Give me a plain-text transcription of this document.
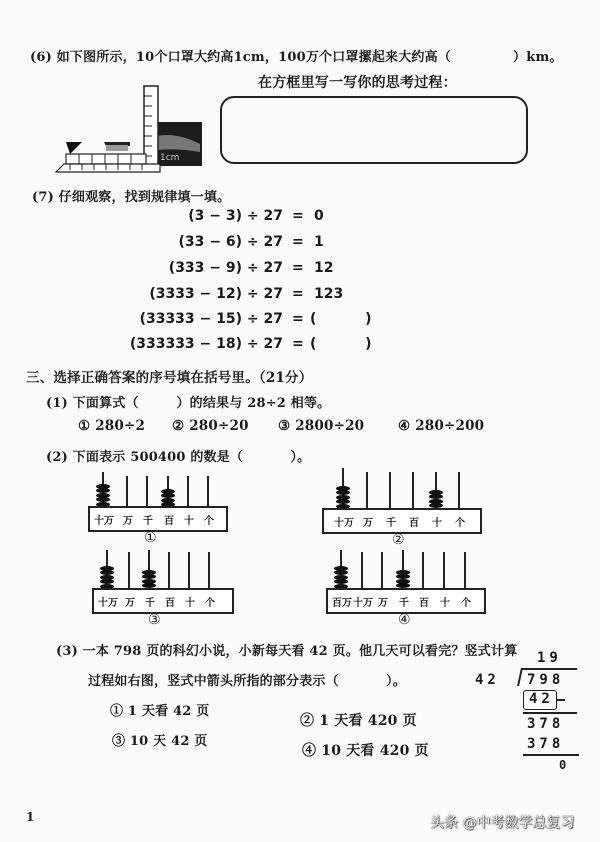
(6) 如下图所示，10个口罩大约高1cm，100万个口罩摞起来大约高（	）km。
在方框里写一写你的思考过程：
1cm
(7) 仔细观察，找到规律填一填。
(3 − 3) ÷ 27 = 0
(33 − 6) ÷ 27 = 1
(333 − 9) ÷ 27 = 12
(3333 − 12) ÷ 27 = 123
(33333 − 15) ÷ 27 = (          )
(333333 − 18) ÷ 27 = (          )
三、选择正确答案的序号填在括号里。（21分）
(1) 下面算式（        ）的结果与 28÷2 相等。
① 280÷2 ② 280÷20 ③ 2800÷20 ④ 280÷200
(2) 下面表示 500400 的数是（          ）。
十万 万 千 百 十 个
①
十万 万 千 百 十 个
②
十万 万 千 百 十 个
③
百万 十万 万 千 百 十 个
④
(3) 一本 798 页的科幻小说，小新每天看 42 页。他几天可以看完？竖式计算
过程如右图，竖式中箭头所指的部分表示（          ）。
① 1 天看 42 页
② 1 天看 420 页
③ 10 天 42 页
④ 10 天看 420 页
19
42 798
42
378
378
0
1	头条 @中考数学总复习
